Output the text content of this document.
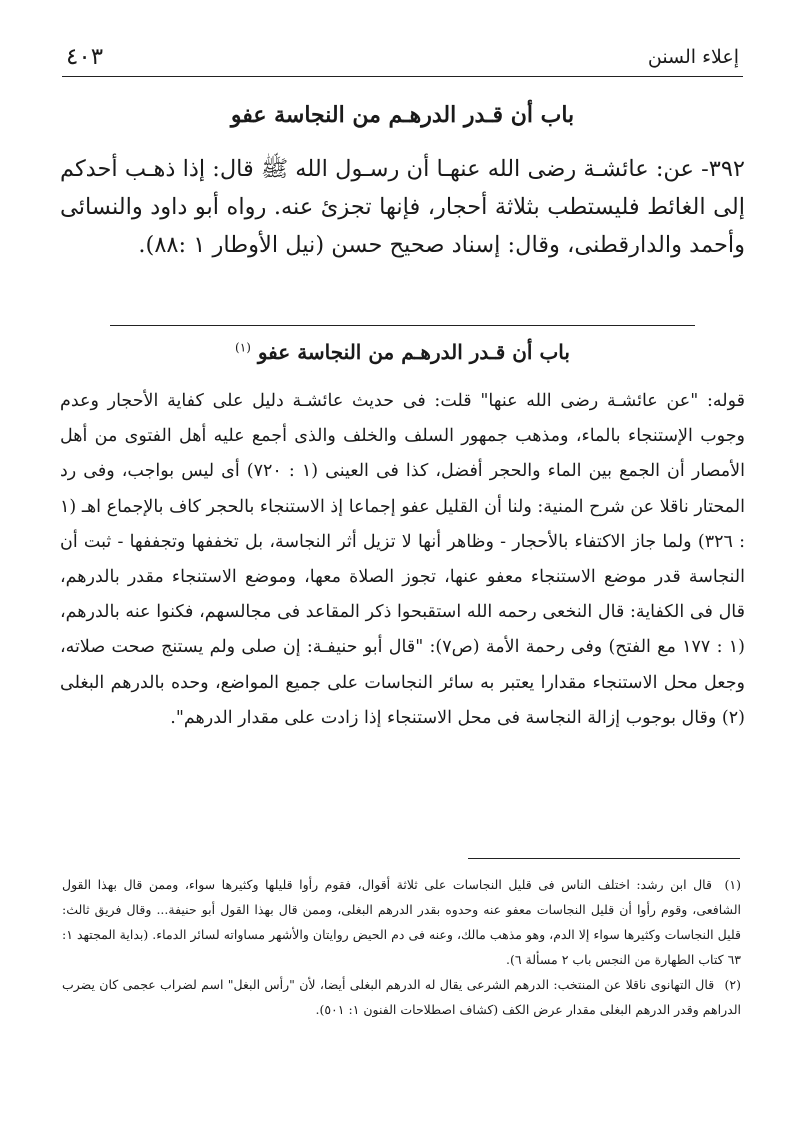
٤٠٣	إعلاء السنن
باب أن قـدر الدرهـم من النجاسة عفو
٣٩٢- عن: عائشـة رضى الله عنهـا أن رسـول الله ﷺ قال: إذا ذهـب أحدكم إلى الغائط فليستطب بثلاثة أحجار، فإنها تجزئ عنه. رواه أبو داود والنسائى وأحمد والدارقطنى، وقال: إسناد صحيح حسن (نيل الأوطار ١ :٨٨).
باب أن قـدر الدرهـم من النجاسة عفو $^{(١)}$
قوله: "عن عائشـة رضى الله عنها" قلت: فى حديث عائشـة دليل على كفاية الأحجار وعدم وجوب الإستنجاء بالماء، ومذهب جمهور السلف والخلف والذى أجمع عليه أهل الفتوى من أهل الأمصار أن الجمع بين الماء والحجر أفضل، كذا فى العينى (١ : ٧٢٠) أى ليس بواجب، وفى رد المحتار ناقلا عن شرح المنية: ولنا أن القليل عفو إجماعا إذ الاستنجاء بالحجر كاف بالإجماع اهـ (١ : ٣٢٦) ولما جاز الاكتفاء بالأحجار - وظاهر أنها لا تزيل أثر النجاسة، بل تخففها وتجففها - ثبت أن النجاسة قدر موضع الاستنجاء معفو عنها، تجوز الصلاة معها، وموضع الاستنجاء مقدر بالدرهم، قال فى الكفاية: قال النخعى رحمه الله استقبحوا ذكر المقاعد فى مجالسهم، فكنوا عنه بالدرهم، (١ : ١٧٧ مع الفتح) وفى رحمة الأمة (ص٧): "قال أبو حنيفـة: إن صلى ولم يستنج صحت صلاته، وجعل محل الاستنجاء مقدارا يعتبر به سائر النجاسات على جميع المواضع، وحده بالدرهم البغلى (٢) وقال بوجوب إزالة النجاسة فى محل الاستنجاء إذا زادت على مقدار الدرهم".

(١) قال ابن رشد: اختلف الناس فى قليل النجاسات على ثلاثة أقوال، فقوم رأوا قليلها وكثيرها سواء، وممن قال بهذا القول الشافعى، وقوم رأوا أن قليل النجاسات معفو عنه وحدوه بقدر الدرهم البغلى، وممن قال بهذا القول أبو حنيفة... وقال فريق ثالث: قليل النجاسات وكثيرها سواء إلا الدم، وهو مذهب مالك، وعنه فى دم الحيض روايتان والأشهر مساواته لسائر الدماء. (بداية المجتهد ١: ٦٣ كتاب الطهارة من النجس باب ٢ مسألة ٦).

(٢) قال التهانوى ناقلا عن المنتخب: الدرهم الشرعى يقال له الدرهم البغلى أيضا، لأن "رأس البغل" اسم لضراب عجمى كان يضرب الدراهم وقدر الدرهم البغلى مقدار عرض الكف (كشاف اصطلاحات الفنون ١: ٥٠١).
